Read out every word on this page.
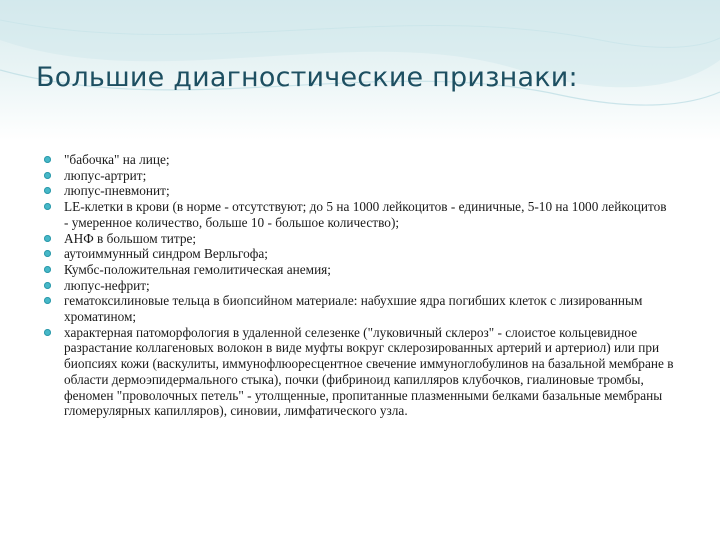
Большие диагностические признаки:
"бабочка" на лице;
люпус-артрит;
люпус-пневмонит;
LE-клетки в крови (в норме - отсутствуют; до 5 на 1000 лейкоцитов - единичные, 5-10 на 1000 лейкоцитов - умеренное количество, больше 10 - большое количество);
АНФ в большом титре;
аутоиммунный синдром Верльгофа;
Кумбс-положительная гемолитическая анемия;
люпус-нефрит;
гематоксилиновые тельца в биопсийном материале: набухшие ядра погибших клеток с лизированным хроматином;
характерная патоморфология в удаленной селезенке ("луковичный склероз" - слоистое кольцевидное разрастание коллагеновых волокон в виде муфты вокруг склерозированных артерий и артериол) или при биопсиях кожи (васкулиты, иммунофлюоресцентное свечение иммуноглобулинов на базальной мембране в области дермоэпидермального стыка), почки (фибриноид капилляров клубочков, гиалиновые тромбы, феномен "проволочных петель" - утолщенные, пропитанные плазменными белками базальные мембраны гломерулярных капилляров), синовии, лимфатического узла.
